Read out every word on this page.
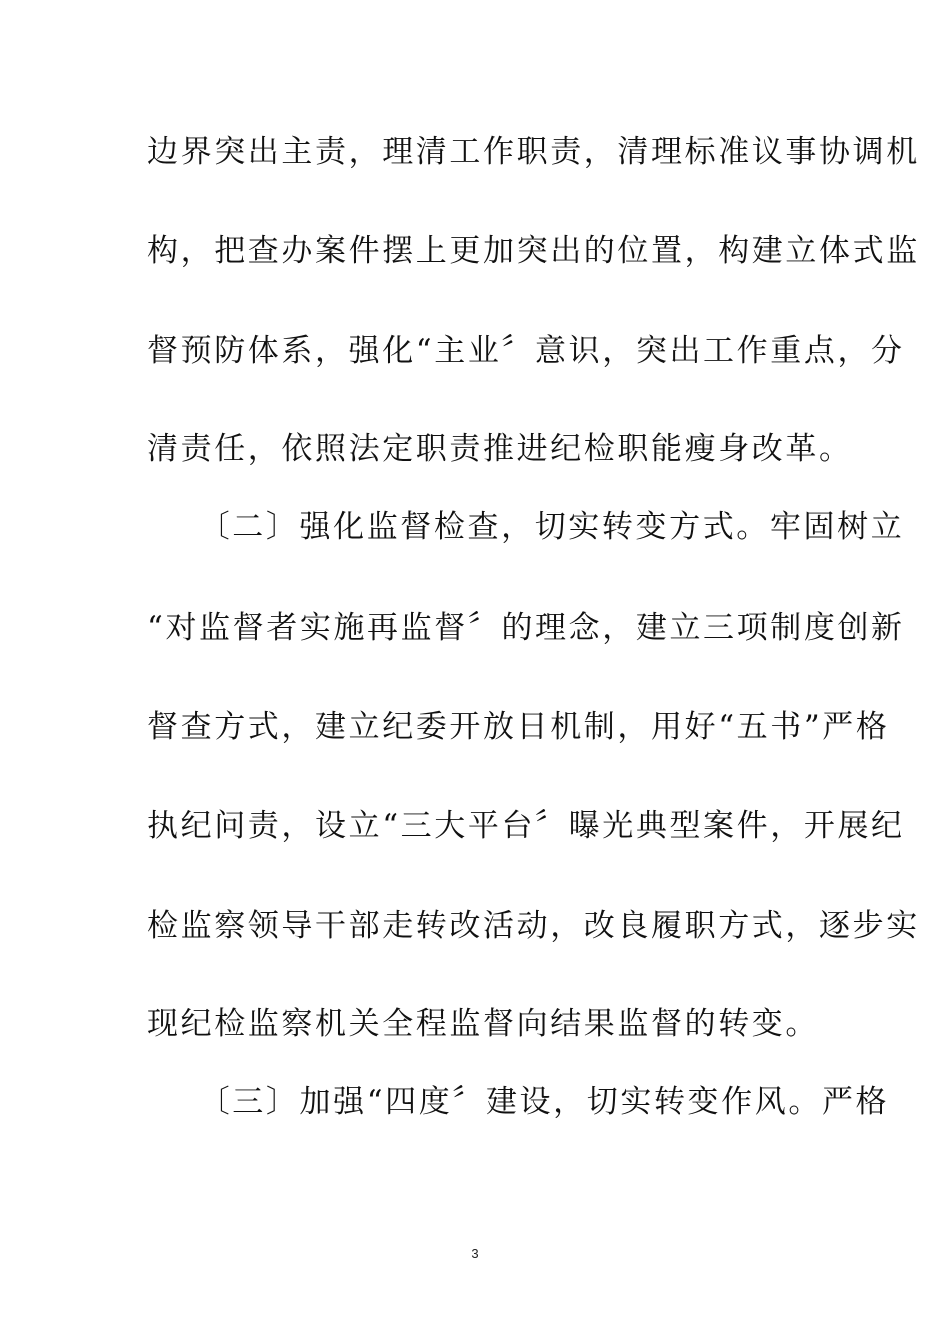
边界突出主责，理清工作职责，清理标准议事协调机
构，把查办案件摆上更加突出的位置，构建立体式监
督预防体系，强化“主业〞意识，突出工作重点，分
清责任，依照法定职责推进纪检职能瘦身改革。
　　〔二〕强化监督检查，切实转变方式。牢固树立
“对监督者实施再监督〞的理念，建立三项制度创新
督查方式，建立纪委开放日机制，用好“五书”严格
执纪问责，设立“三大平台〞曝光典型案件，开展纪
检监察领导干部走转改活动，改良履职方式，逐步实
现纪检监察机关全程监督向结果监督的转变。
　　〔三〕加强“四度〞建设，切实转变作风。严格
3
